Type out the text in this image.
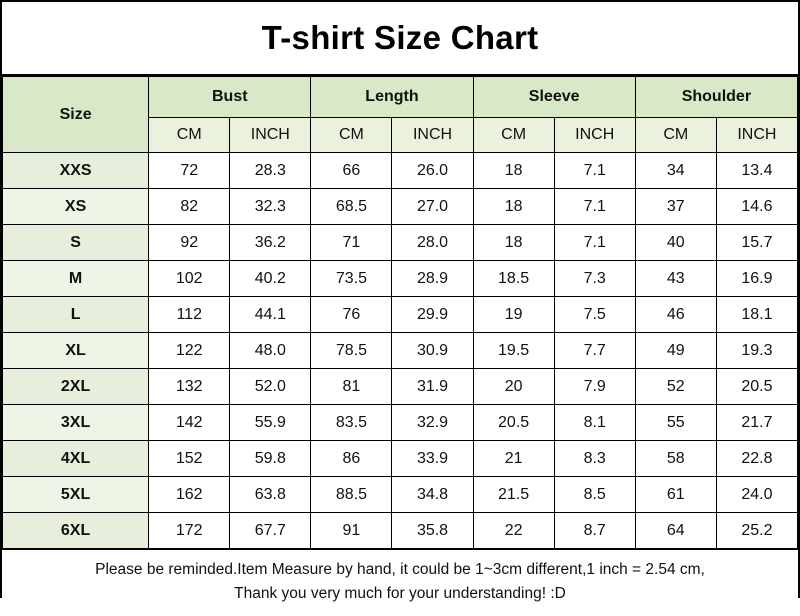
T-shirt Size Chart
Size	Bust		Length		Sleeve		Shoulder	
	CM	INCH	CM	INCH	CM	INCH	CM	INCH
XXS	72	28.3	66	26.0	18	7.1	34	13.4
XS	82	32.3	68.5	27.0	18	7.1	37	14.6
S	92	36.2	71	28.0	18	7.1	40	15.7
M	102	40.2	73.5	28.9	18.5	7.3	43	16.9
L	112	44.1	76	29.9	19	7.5	46	18.1
XL	122	48.0	78.5	30.9	19.5	7.7	49	19.3
2XL	132	52.0	81	31.9	20	7.9	52	20.5
3XL	142	55.9	83.5	32.9	20.5	8.1	55	21.7
4XL	152	59.8	86	33.9	21	8.3	58	22.8
5XL	162	63.8	88.5	34.8	21.5	8.5	61	24.0
6XL	172	67.7	91	35.8	22	8.7	64	25.2
Please be reminded.Item Measure by hand, it could be 1~3cm different,1 inch = 2.54 cm,
Thank you very much for your understanding! :D
